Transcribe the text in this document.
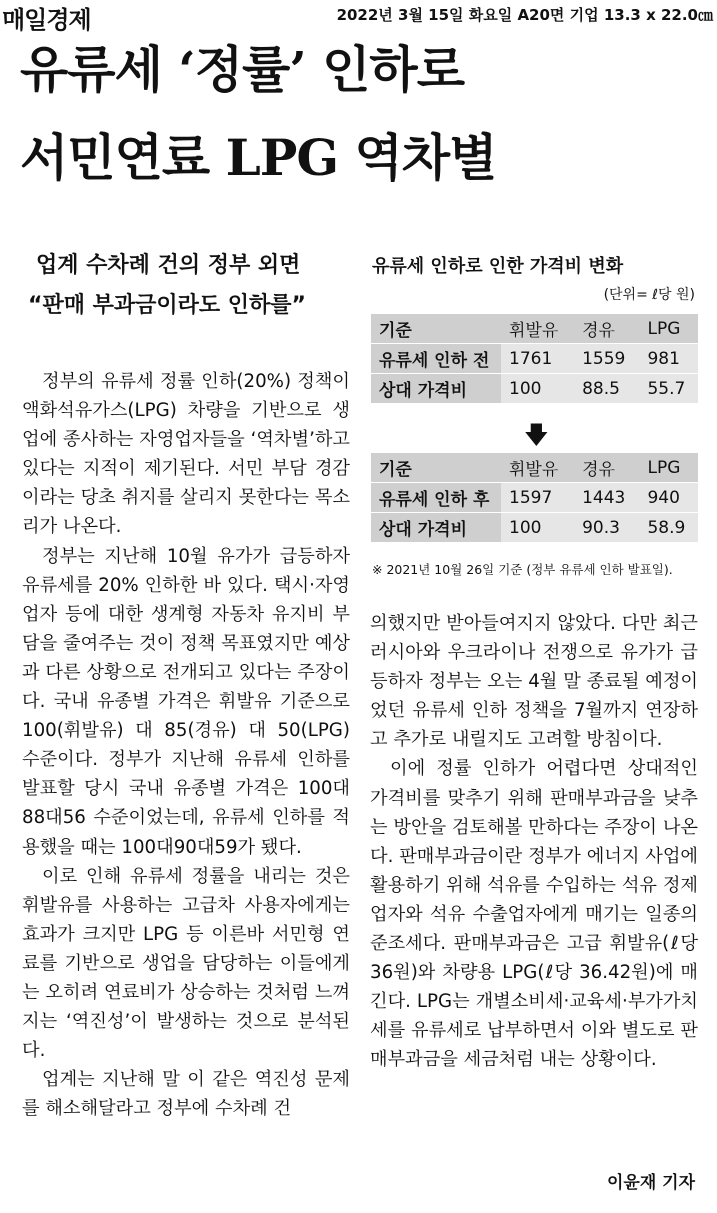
매일경제	2022년 3월 15일 화요일 A20면 기업 13.3 x 22.0㎝
유류세 ‘정률’ 인하로
서민연료 LPG 역차별
업계 수차례 건의 정부 외면
“판매 부과금이라도 인하를”

정부의 유류세 정률 인하(20%) 정책이 액화석유가스(LPG) 차량을 기반으로 생업에 종사하는 자영업자들을 ‘역차별’하고 있다는 지적이 제기된다. 서민 부담 경감이라는 당초 취지를 살리지 못한다는 목소리가 나온다.

정부는 지난해 10월 유가가 급등하자 유류세를 20% 인하한 바 있다. 택시·자영업자 등에 대한 생계형 자동차 유지비 부담을 줄여주는 것이 정책 목표였지만 예상과 다른 상황으로 전개되고 있다는 주장이다. 국내 유종별 가격은 휘발유 기준으로 100(휘발유) 대 85(경유) 대 50(LPG) 수준이다. 정부가 지난해 유류세 인하를 발표할 당시 국내 유종별 가격은 100대88대56 수준이었는데, 유류세 인하를 적용했을 때는 100대90대59가 됐다.

이로 인해 유류세 정률을 내리는 것은 휘발유를 사용하는 고급차 사용자에게는 효과가 크지만 LPG 등 이른바 서민형 연료를 기반으로 생업을 담당하는 이들에게는 오히려 연료비가 상승하는 것처럼 느껴지는 ‘역진성’이 발생하는 것으로 분석된다.

업계는 지난해 말 이 같은 역진성 문제를 해소해달라고 정부에 수차례 건

유류세 인하로 인한 가격비 변화
(단위= ℓ당 원)
기준	휘발유	경유	LPG
유류세 인하 전	1761	1559	981
상대 가격비	100	88.5	55.7
🡇
기준	휘발유	경유	LPG
유류세 인하 후	1597	1443	940
상대 가격비	100	90.3	58.9
※ 2021년 10월 26일 기준 (정부 유류세 인하 발표일).

의했지만 받아들여지지 않았다. 다만 최근 러시아와 우크라이나 전쟁으로 유가가 급등하자 정부는 오는 4월 말 종료될 예정이었던 유류세 인하 정책을 7월까지 연장하고 추가로 내릴지도 고려할 방침이다.

이에 정률 인하가 어렵다면 상대적인 가격비를 맞추기 위해 판매부과금을 낮추는 방안을 검토해볼 만하다는 주장이 나온다. 판매부과금이란 정부가 에너지 사업에 활용하기 위해 석유를 수입하는 석유 정제업자와 석유 수출업자에게 매기는 일종의 준조세다. 판매부과금은 고급 휘발유(ℓ당 36원)와 차량용 LPG(ℓ당 36.42원)에 매긴다. LPG는 개별소비세·교육세·부가가치세를 유류세로 납부하면서 이와 별도로 판매부과금을 세금처럼 내는 상황이다.

이윤재 기자
